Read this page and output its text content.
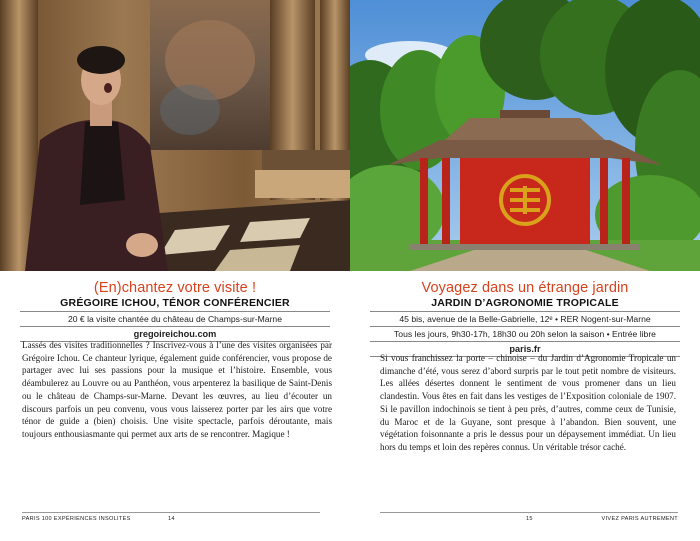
(En)chantez votre visite !
GRÉGOIRE ICHOU, TÉNOR CONFÉRENCIER
20 € la visite chantée du château de Champs-sur-Marne
gregoireichou.com
Lassés des visites traditionnelles ? Inscrivez-vous à l’une des visites organisées par Grégoire Ichou. Ce chanteur lyrique, également guide conférencier, vous propose de partager avec lui ses passions pour la musique et l’histoire. Ensemble, vous déambulerez au Louvre ou au Panthéon, vous arpenterez la basilique de Saint-Denis ou le château de Champs-sur-Marne. Devant les œuvres, au lieu d’écouter un discours parfois un peu convenu, vous vous laisserez porter par les airs que votre ténor de guide a (bien) choisis. Une visite spectacle, parfois déroutante, mais toujours enthousiasmante qui permet aux arts de se rencontrer. Magique !
PARIS 100 EXPÉRIENCES INSOLITES	14
Voyagez dans un étrange jardin
JARDIN D’AGRONOMIE TROPICALE
45 bis, avenue de la Belle-Gabrielle, 12ᵉ • RER Nogent-sur-Marne
Tous les jours, 9h30-17h, 18h30 ou 20h selon la saison • Entrée libre
paris.fr
Si vous franchissez la porte – chinoise – du Jardin d’Agronomie Tropicale un dimanche d’été, vous serez d’abord surpris par le tout petit nombre de visiteurs. Les allées désertes donnent le sentiment de vous promener dans un lieu clandestin. Vous êtes en fait dans les vestiges de l’Exposition coloniale de 1907. Si le pavillon indochinois se tient à peu près, d’autres, comme ceux de Tunisie, du Maroc et de la Guyane, sont presque à l’abandon. Bien souvent, une végétation foisonnante a pris le dessus pour un dépaysement immédiat. Un lieu hors du temps et loin des repères connus. Un véritable trésor caché.
15	VIVEZ PARIS AUTREMENT
